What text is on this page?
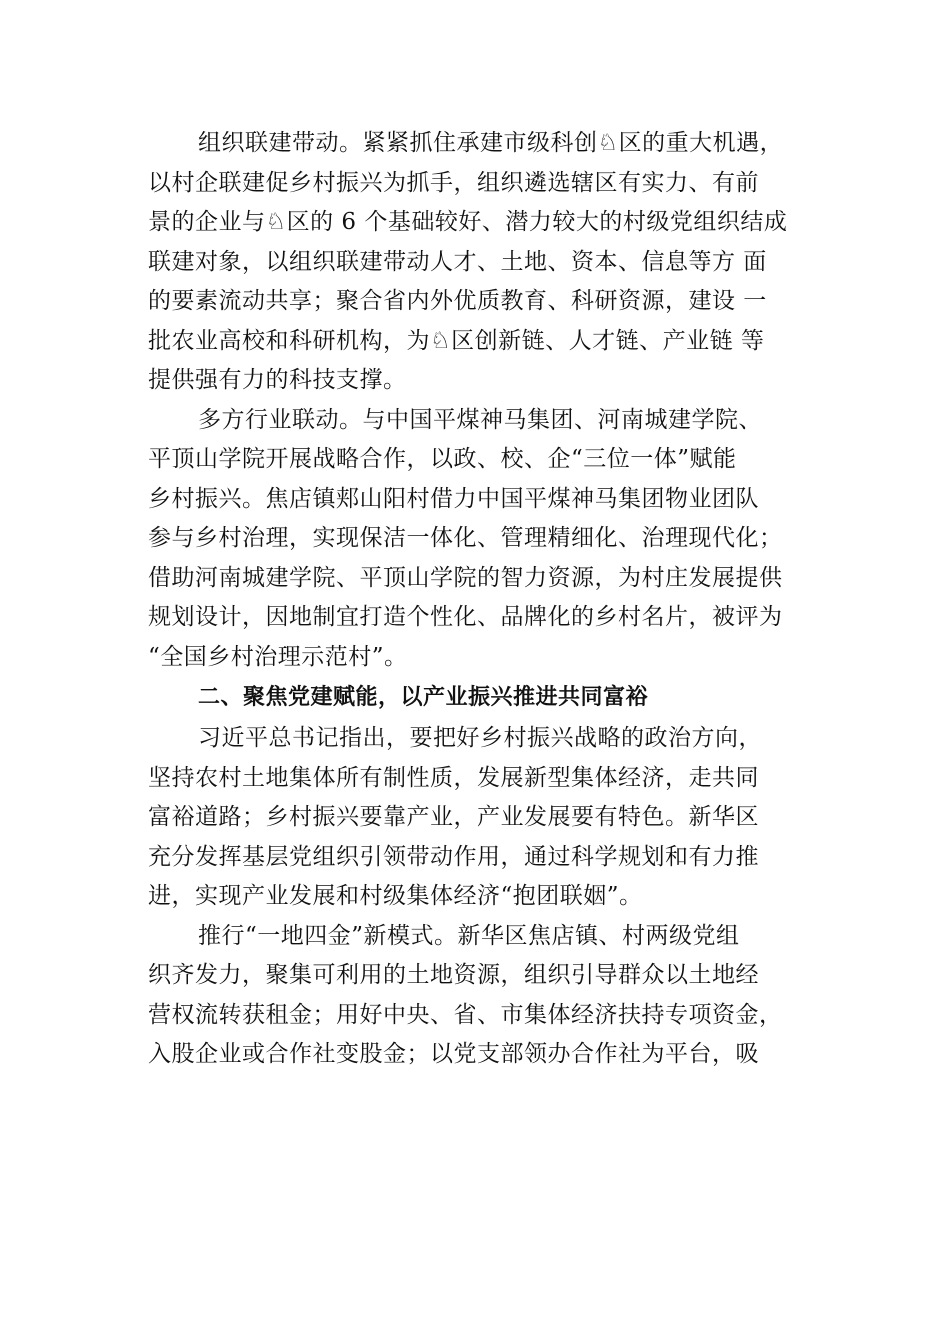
组织联建带动。紧紧抓住承建市级科创♘区的重大机遇，
以村企联建促乡村振兴为抓手，组织遴选辖区有实力、有前
景的企业与♘区的 6 个基础较好、潜力较大的村级党组织结成
联建对象，以组织联建带动人才、土地、资本、信息等方 面
的要素流动共享；聚合省内外优质教育、科研资源，建设 一
批农业高校和科研机构，为♘区创新链、人才链、产业链 等
提供强有力的科技支撑。
多方行业联动。与中国平煤神马集团、河南城建学院、
平顶山学院开展战略合作，以政、校、企“三位一体”赋能
乡村振兴。焦店镇郏山阳村借力中国平煤神马集团物业团队
参与乡村治理，实现保洁一体化、管理精细化、治理现代化；
借助河南城建学院、平顶山学院的智力资源，为村庄发展提供
规划设计，因地制宜打造个性化、品牌化的乡村名片，被评为
“全国乡村治理示范村”。
二、聚焦党建赋能，以产业振兴推进共同富裕
习近平总书记指出，要把好乡村振兴战略的政治方向，
坚持农村土地集体所有制性质，发展新型集体经济，走共同
富裕道路；乡村振兴要靠产业，产业发展要有特色。新华区
充分发挥基层党组织引领带动作用，通过科学规划和有力推
进，实现产业发展和村级集体经济“抱团联姻”。
推行“一地四金”新模式。新华区焦店镇、村两级党组
织齐发力，聚集可利用的土地资源，组织引导群众以土地经
营权流转获租金；用好中央、省、市集体经济扶持专项资金，
入股企业或合作社变股金；以党支部领办合作社为平台，吸
